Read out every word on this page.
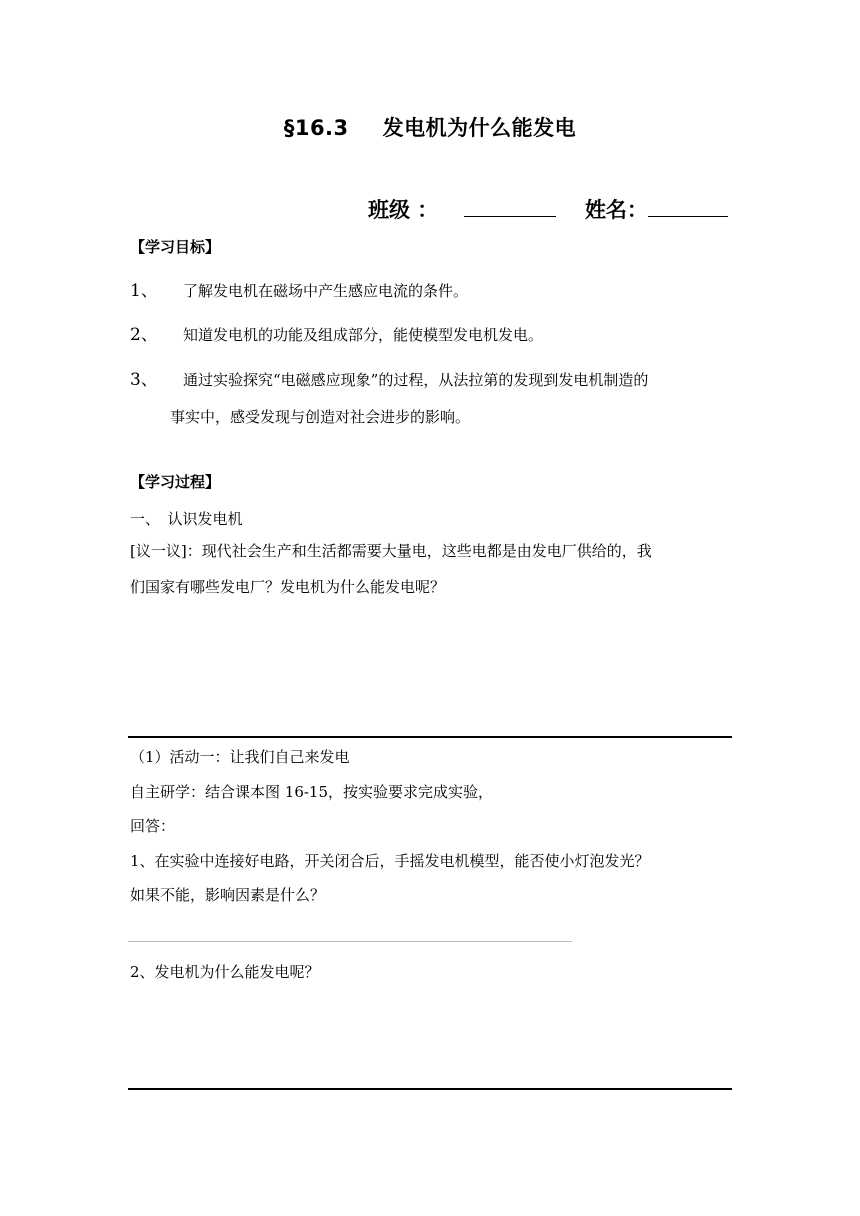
§16.3 发电机为什么能发电
班级 ：	姓名：
【学习目标】
1、 了解发电机在磁场中产生感应电流的条件。
2、 知道发电机的功能及组成部分，能使模型发电机发电。
3、 通过实验探究“电磁感应现象”的过程，从法拉第的发现到发电机制造的
事实中，感受发现与创造对社会进步的影响。
【学习过程】
一、　认识发电机
[议一议]：现代社会生产和生活都需要大量电，这些电都是由发电厂供给的，我
们国家有哪些发电厂？发电机为什么能发电呢？
（1）活动一：让我们自己来发电
自主研学：结合课本图 16-15，按实验要求完成实验，
回答：
1、在实验中连接好电路，开关闭合后，手摇发电机模型，能否使小灯泡发光？
如果不能，影响因素是什么？
2、发电机为什么能发电呢？
